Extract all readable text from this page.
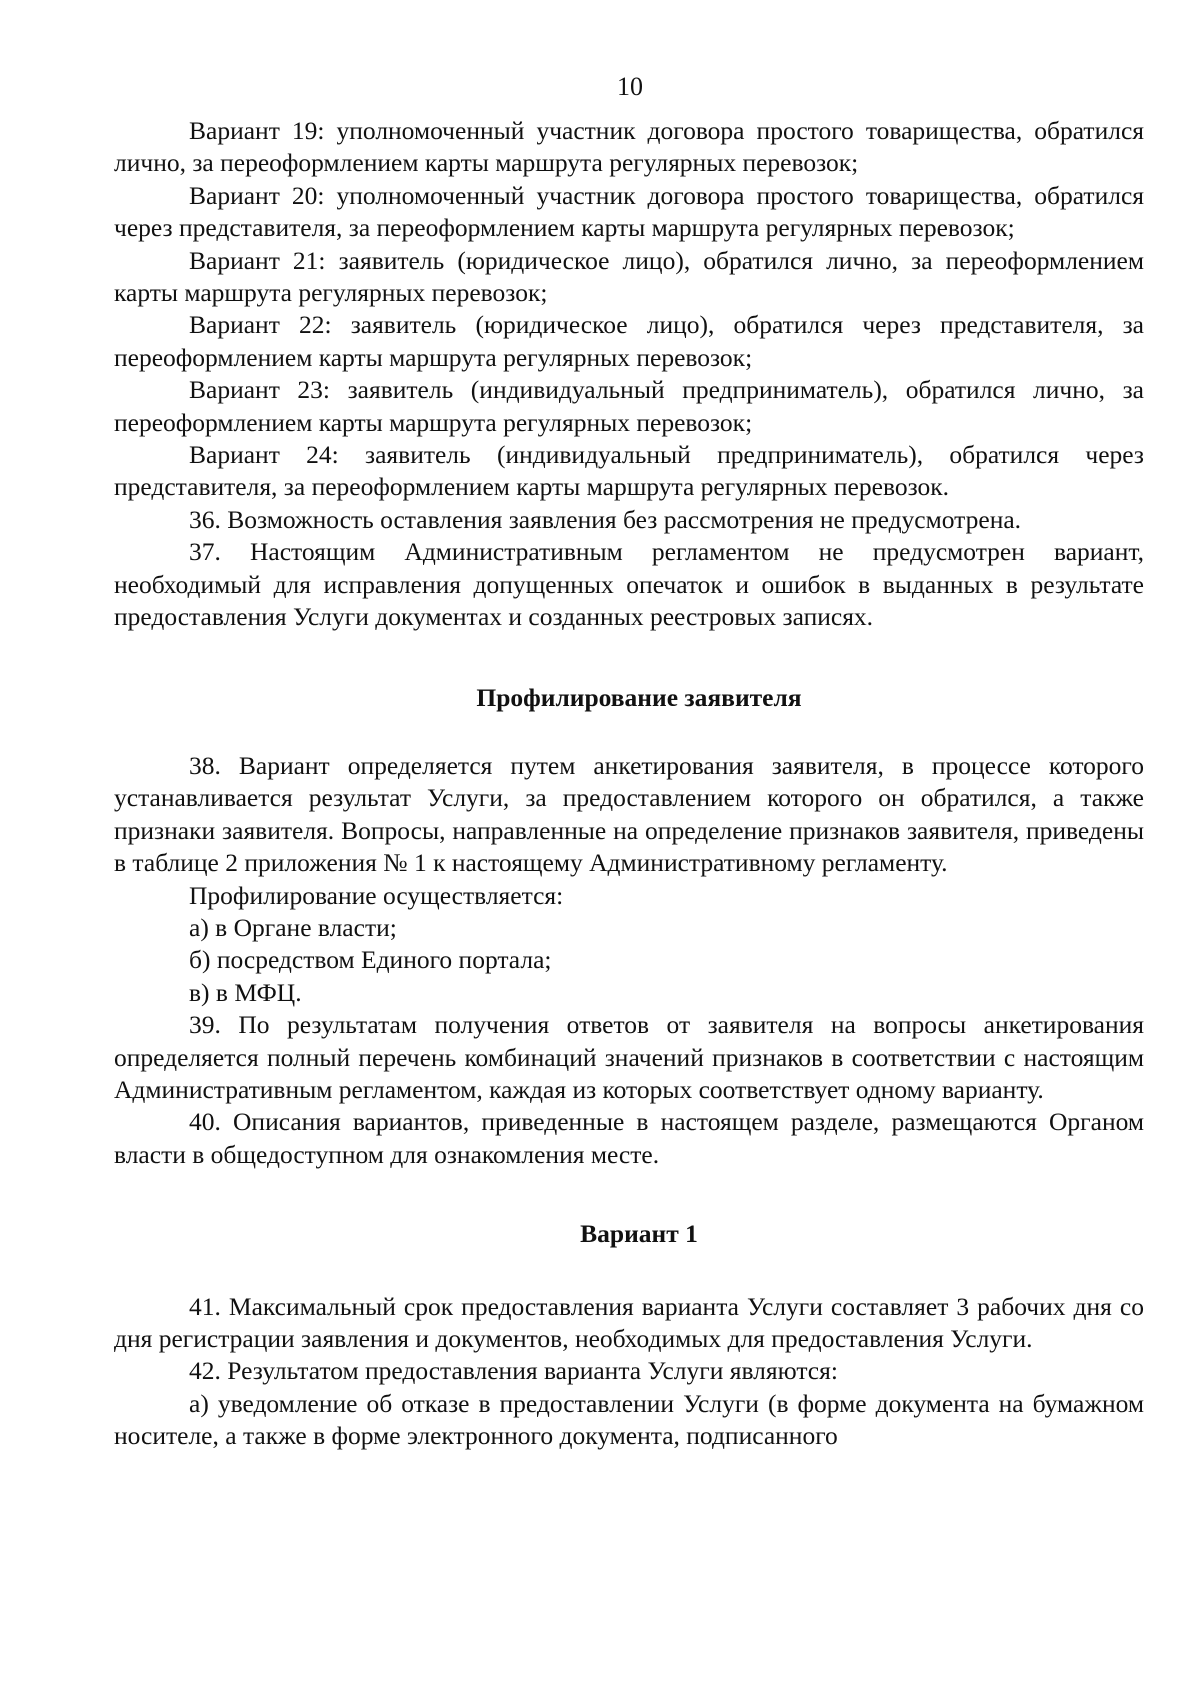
10

Вариант 19: уполномоченный участник договора простого товарищества, обратился лично, за переоформлением карты маршрута регулярных перевозок;

Вариант 20: уполномоченный участник договора простого товарищества, обратился через представителя, за переоформлением карты маршрута регулярных перевозок;

Вариант 21: заявитель (юридическое лицо), обратился лично, за переоформлением карты маршрута регулярных перевозок;

Вариант 22: заявитель (юридическое лицо), обратился через представителя, за переоформлением карты маршрута регулярных перевозок;

Вариант 23: заявитель (индивидуальный предприниматель), обратился лично, за переоформлением карты маршрута регулярных перевозок;

Вариант 24: заявитель (индивидуальный предприниматель), обратился через представителя, за переоформлением карты маршрута регулярных перевозок.

36. Возможность оставления заявления без рассмотрения не предусмотрена.

37. Настоящим Административным регламентом не предусмотрен вариант, необходимый для исправления допущенных опечаток и ошибок в выданных в результате предоставления Услуги документах и созданных реестровых записях.

Профилирование заявителя

38. Вариант определяется путем анкетирования заявителя, в процессе которого устанавливается результат Услуги, за предоставлением которого он обратился, а также признаки заявителя. Вопросы, направленные на определение признаков заявителя, приведены в таблице 2 приложения № 1 к настоящему Административному регламенту.

Профилирование осуществляется:

а) в Органе власти;

б) посредством Единого портала;

в) в МФЦ.

39. По результатам получения ответов от заявителя на вопросы анкетирования определяется полный перечень комбинаций значений признаков в соответствии с настоящим Административным регламентом, каждая из которых соответствует одному варианту.

40. Описания вариантов, приведенные в настоящем разделе, размещаются Органом власти в общедоступном для ознакомления месте.

Вариант 1

41. Максимальный срок предоставления варианта Услуги составляет 3 рабочих дня со дня регистрации заявления и документов, необходимых для предоставления Услуги.

42. Результатом предоставления варианта Услуги являются:

а) уведомление об отказе в предоставлении Услуги (в форме документа на бумажном носителе, а также в форме электронного документа, подписанного
